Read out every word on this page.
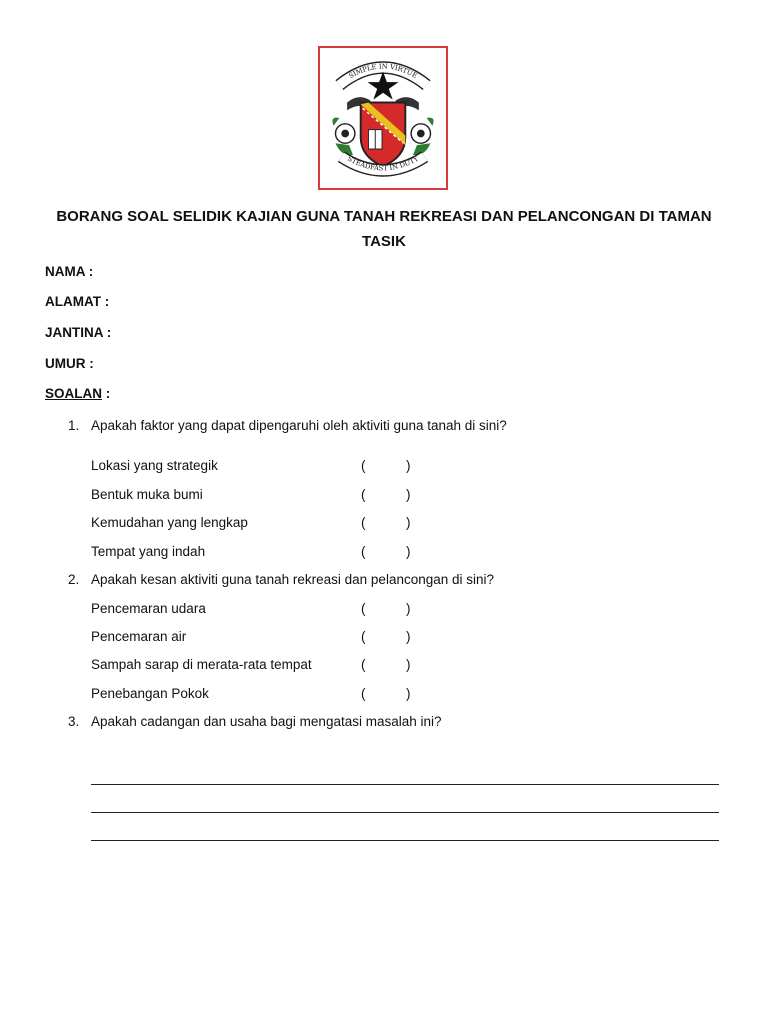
SIMPLE IN VIRTUE
STEADFAST IN DUTY
BORANG SOAL SELIDIK KAJIAN GUNA TANAH REKREASI DAN PELANCONGAN DI TAMAN TASIK
NAMA :
ALAMAT :
JANTINA :
UMUR :
SOALAN :
1. Apakah faktor yang dapat dipengaruhi oleh aktiviti guna tanah di sini?
Lokasi yang strategik	(	)
Bentuk muka bumi	(	)
Kemudahan yang lengkap	(	)
Tempat yang indah	(	)
2. Apakah kesan aktiviti guna tanah rekreasi dan pelancongan di sini?
Pencemaran udara	(	)
Pencemaran air	(	)
Sampah sarap di merata-rata tempat	(	)
Penebangan Pokok	(	)
3. Apakah cadangan dan usaha bagi mengatasi masalah ini?
